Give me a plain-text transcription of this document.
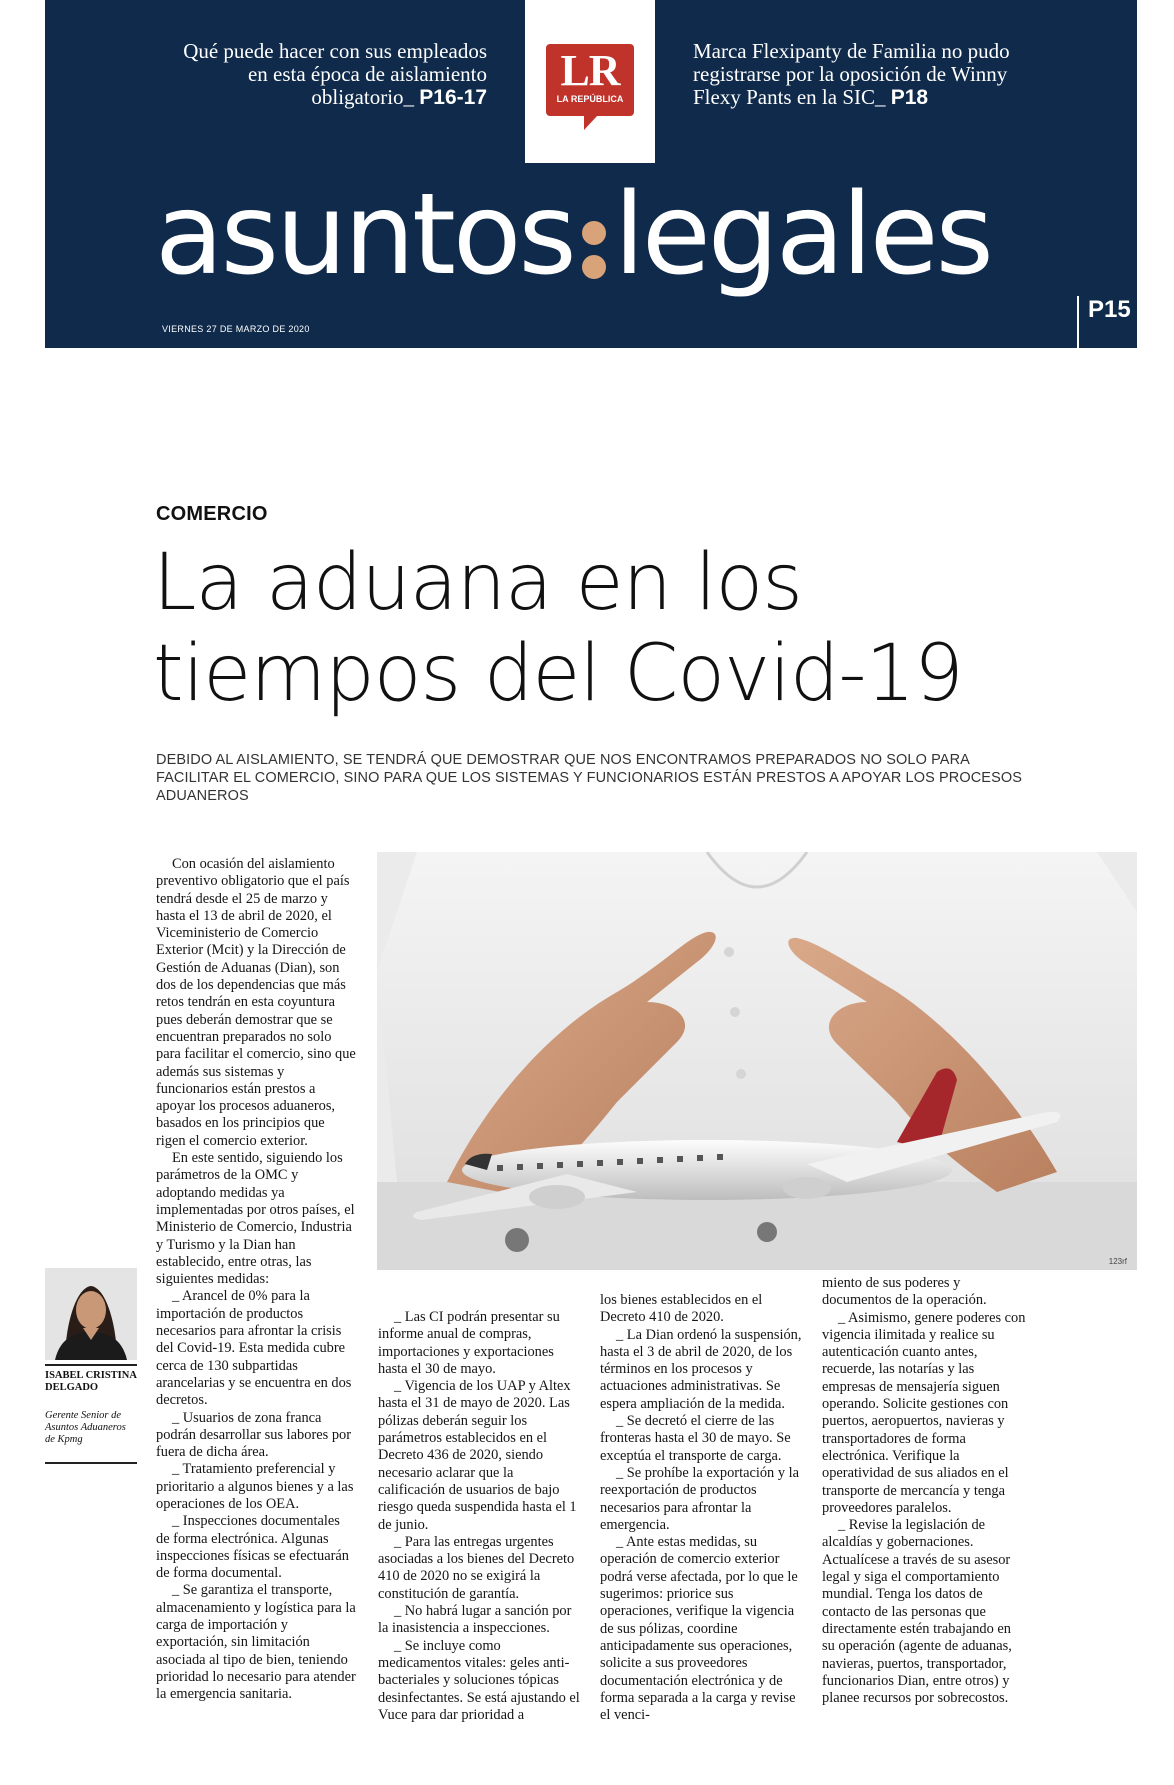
Qué puede hacer con sus empleados en esta época de aislamiento obligatorio_ P16-17
LR
LA REPÚBLICA
Marca Flexipanty de Familia no pudo registrarse por la oposición de Winny Flexy Pants en la SIC_ P18
asuntos legales
VIERNES 27 DE MARZO DE 2020
P15
COMERCIO
La aduana en los
tiempos del Covid-19
DEBIDO AL AISLAMIENTO, SE TENDRÁ QUE DEMOSTRAR QUE NOS ENCONTRAMOS PREPARADOS NO SOLO PARA FACILITAR EL COMERCIO, SINO PARA QUE LOS SISTEMAS Y FUNCIONARIOS ESTÁN PRESTOS A APOYAR LOS PROCESOS ADUANEROS
123rf
ISABEL CRISTINA DELGADO
Gerente Senior de Asuntos Aduaneros de Kpmg

Con ocasión del aislamiento preventivo obligatorio que el país tendrá desde el 25 de marzo y hasta el 13 de abril de 2020, el Viceministerio de Comercio Exterior (Mcit) y la Dirección de Gestión de Aduanas (Dian), son dos de los dependencias que más retos tendrán en esta coyuntura pues deberán demostrar que se encuentran preparados no solo para facilitar el comercio, sino que además sus sistemas y funcionarios están prestos a apoyar los procesos aduaneros, basados en los principios que rigen el comercio exterior.

En este sentido, siguiendo los parámetros de la OMC y adoptando medidas ya implementadas por otros países, el Ministerio de Comercio, Industria y Turismo y la Dian han establecido, entre otras, las siguientes medidas:

_ Arancel de 0% para la importación de productos necesarios para afrontar la crisis del Covid-19. Esta medida cubre cerca de 130 subpartidas arancelarias y se encuentra en dos decretos.

_ Usuarios de zona franca podrán desarrollar sus labores por fuera de dicha área.

_ Tratamiento preferencial y prioritario a algunos bienes y a las operaciones de los OEA.

_ Inspecciones documentales de forma electrónica. Algunas inspecciones físicas se efectuarán de forma documental.

_ Se garantiza el transporte, almacenamiento y logística para la carga de importación y exportación, sin limitación asociada al tipo de bien, teniendo prioridad lo necesario para atender la emergencia sanitaria.

_ Las CI podrán presentar su informe anual de compras, importaciones y exportaciones hasta el 30 de mayo.

_ Vigencia de los UAP y Altex hasta el 31 de mayo de 2020. Las pólizas deberán seguir los parámetros establecidos en el Decreto 436 de 2020, siendo necesario aclarar que la calificación de usuarios de bajo riesgo queda suspendida hasta el 1 de junio.

_ Para las entregas urgentes asociadas a los bienes del Decreto 410 de 2020 no se exigirá la constitución de garantía.

_ No habrá lugar a sanción por la inasistencia a inspecciones.

_ Se incluye como medicamentos vitales: geles anti-bacteriales y soluciones tópicas desinfectantes. Se está ajustando el Vuce para dar prioridad a

los bienes establecidos en el Decreto 410 de 2020.

_ La Dian ordenó la suspensión, hasta el 3 de abril de 2020, de los términos en los procesos y actuaciones administrativas. Se espera ampliación de la medida.

_ Se decretó el cierre de las fronteras hasta el 30 de mayo. Se exceptúa el transporte de carga.

_ Se prohíbe la exportación y la reexportación de productos necesarios para afrontar la emergencia.

_ Ante estas medidas, su operación de comercio exterior podrá verse afectada, por lo que le sugerimos: priorice sus operaciones, verifique la vigencia de sus pólizas, coordine anticipadamente sus operaciones, solicite a sus proveedores documentación electrónica y de forma separada a la carga y revise el venci-

miento de sus poderes y documentos de la operación.

_ Asimismo, genere poderes con vigencia ilimitada y realice su autenticación cuanto antes, recuerde, las notarías y las empresas de mensajería siguen operando. Solicite gestiones con puertos, aeropuertos, navieras y transportadores de forma electrónica. Verifique la operatividad de sus aliados en el transporte de mercancía y tenga proveedores paralelos.

_ Revise la legislación de alcaldías y gobernaciones. Actualícese a través de su asesor legal y siga el comportamiento mundial. Tenga los datos de contacto de las personas que directamente estén trabajando en su operación (agente de aduanas, navieras, puertos, transportador, funcionarios Dian, entre otros) y planee recursos por sobrecostos.
